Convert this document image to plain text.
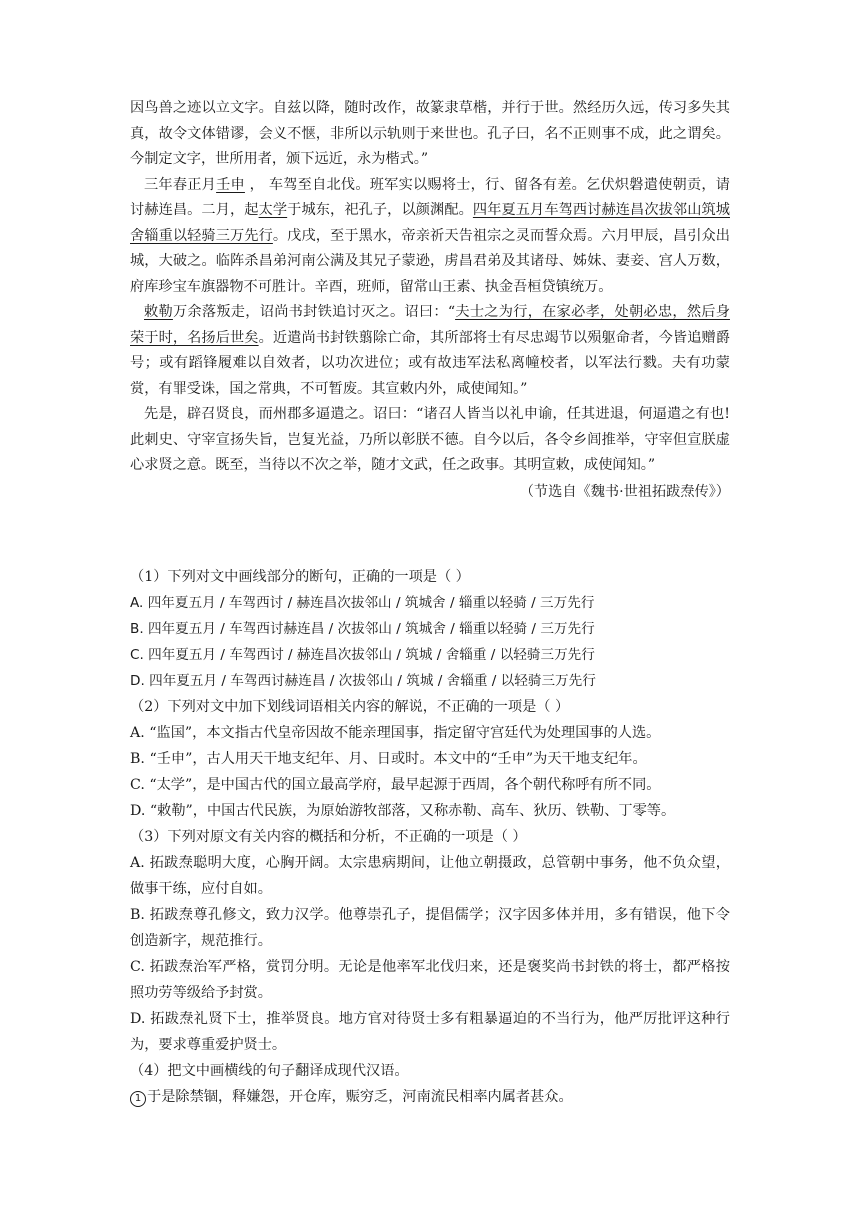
因鸟兽之迹以立文字。自兹以降，随时改作，故篆隶草楷，并行于世。然经历久远，传习多失其真，故令文体错谬，会义不惬，非所以示轨则于来世也。孔子曰，名不正则事不成，此之谓矣。今制定文字，世所用者，颁下远近，永为楷式。”

三年春正月壬申 ， 车驾至自北伐。班军实以赐将士，行、留各有差。乞伏炽磐遣使朝贡，请讨赫连昌。二月，起太学于城东，祀孔子，以颜渊配。四年夏五月车驾西讨赫连昌次拔邻山筑城舍辎重以轻骑三万先行。戊戌，至于黑水，帝亲祈天告祖宗之灵而誓众焉。六月甲辰，昌引众出城，大破之。临阵杀昌弟河南公满及其兄子蒙逊，虏昌君弟及其诸母、姊妹、妻妾、宫人万数，府库珍宝车旗器物不可胜计。辛酉，班师，留常山王素、执金吾桓贷镇统万。

敕勒万余落叛走，诏尚书封铁追讨灭之。诏曰：“夫士之为行，在家必孝，处朝必忠，然后身荣于时，名扬后世矣。近遣尚书封铁翦除亡命，其所部将士有尽忠竭节以殒躯命者，今皆追赠爵号；或有蹈锋履难以自效者，以功次进位；或有故违军法私离幢校者，以军法行戮。夫有功蒙赏，有罪受诛，国之常典，不可暂废。其宣敕内外，咸使闻知。”

先是，辟召贤良，而州郡多逼遣之。诏曰：“诸召人皆当以礼申谕，任其进退，何逼遣之有也!此刺史、守宰宣扬失旨，岂复光益，乃所以彰朕不德。自今以后，各令乡闾推举，守宰但宣朕虚心求贤之意。既至，当待以不次之举，随才文武，任之政事。其明宣敕，成使闻知。”

（节选自《魏书·世祖拓跋焘传》）

（1）下列对文中画线部分的断句，正确的一项是（ ）

A. 四年夏五月 / 车驾西讨 / 赫连昌次拔邻山 / 筑城舍 / 辎重以轻骑 / 三万先行

B. 四年夏五月 / 车驾西讨赫连昌 / 次拔邻山 / 筑城舍 / 辎重以轻骑 / 三万先行

C. 四年夏五月 / 车驾西讨 / 赫连昌次拔邻山 / 筑城 / 舍辎重 / 以轻骑三万先行

D. 四年夏五月 / 车驾西讨赫连昌 / 次拔邻山 / 筑城 / 舍辎重 / 以轻骑三万先行

（2）下列对文中加下划线词语相关内容的解说，不正确的一项是（ ）

A. “监国”，本文指古代皇帝因故不能亲理国事，指定留守宫廷代为处理国事的人选。

B. “壬申”，古人用天干地支纪年、月、日或时。本文中的“壬申”为天干地支纪年。

C. “太学”，是中国古代的国立最高学府，最早起源于西周，各个朝代称呼有所不同。

D. “敕勒”，中国古代民族，为原始游牧部落，又称赤勒、高车、狄历、铁勒、丁零等。

（3）下列对原文有关内容的概括和分析，不正确的一项是（ ）

A. 拓跋焘聪明大度，心胸开阔。太宗患病期间，让他立朝摄政，总管朝中事务，他不负众望，做事干练，应付自如。

B. 拓跋焘尊孔修文，致力汉学。他尊崇孔子，提倡儒学；汉字因多体并用，多有错误，他下令创造新字，规范推行。

C. 拓跋焘治军严格，赏罚分明。无论是他率军北伐归来，还是褒奖尚书封铁的将士，都严格按照功劳等级给予封赏。

D. 拓跋焘礼贤下士，推举贤良。地方官对待贤士多有粗暴逼迫的不当行为，他严厉批评这种行为，要求尊重爱护贤士。

（4）把文中画横线的句子翻译成现代汉语。

1 于是除禁锢，释嫌怨，开仓库，赈穷乏，河南流民相率内属者甚众。
